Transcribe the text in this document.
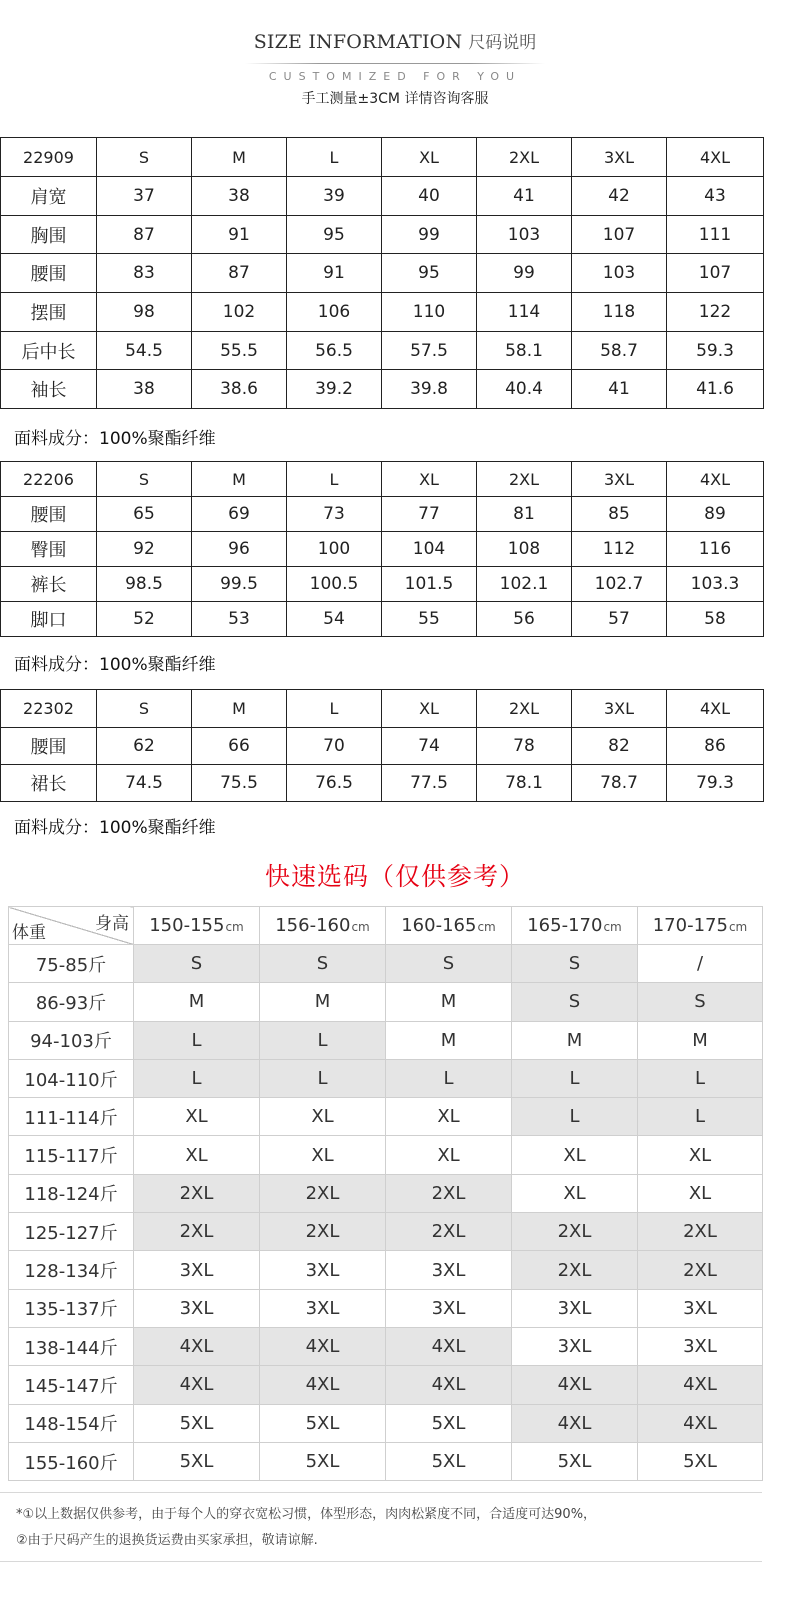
SIZE INFORMATION 尺码说明
CUSTOMIZED FOR YOU
手工测量±3CM 详情咨询客服
22909	S	M	L	XL	2XL	3XL	4XL
肩宽	37	38	39	40	41	42	43
胸围	87	91	95	99	103	107	111
腰围	83	87	91	95	99	103	107
摆围	98	102	106	110	114	118	122
后中长	54.5	55.5	56.5	57.5	58.1	58.7	59.3
袖长	38	38.6	39.2	39.8	40.4	41	41.6
面料成分：100%聚酯纤维
22206	S	M	L	XL	2XL	3XL	4XL
腰围	65	69	73	77	81	85	89
臀围	92	96	100	104	108	112	116
裤长	98.5	99.5	100.5	101.5	102.1	102.7	103.3
脚口	52	53	54	55	56	57	58
面料成分：100%聚酯纤维
22302	S	M	L	XL	2XL	3XL	4XL
腰围	62	66	70	74	78	82	86
裙长	74.5	75.5	76.5	77.5	78.1	78.7	79.3
面料成分：100%聚酯纤维
快速选码（仅供参考）
身高
体重	150-155cm	156-160cm	160-165cm	165-170cm	170-175cm
75-85斤	S	S	S	S	/
86-93斤	M	M	M	S	S
94-103斤	L	L	M	M	M
104-110斤	L	L	L	L	L
111-114斤	XL	XL	XL	L	L
115-117斤	XL	XL	XL	XL	XL
118-124斤	2XL	2XL	2XL	XL	XL
125-127斤	2XL	2XL	2XL	2XL	2XL
128-134斤	3XL	3XL	3XL	2XL	2XL
135-137斤	3XL	3XL	3XL	3XL	3XL
138-144斤	4XL	4XL	4XL	3XL	3XL
145-147斤	4XL	4XL	4XL	4XL	4XL
148-154斤	5XL	5XL	5XL	4XL	4XL
155-160斤	5XL	5XL	5XL	5XL	5XL
*①以上数据仅供参考，由于每个人的穿衣宽松习惯，体型形态，肉肉松紧度不同，合适度可达90%，
②由于尺码产生的退换货运费由买家承担，敬请谅解.
